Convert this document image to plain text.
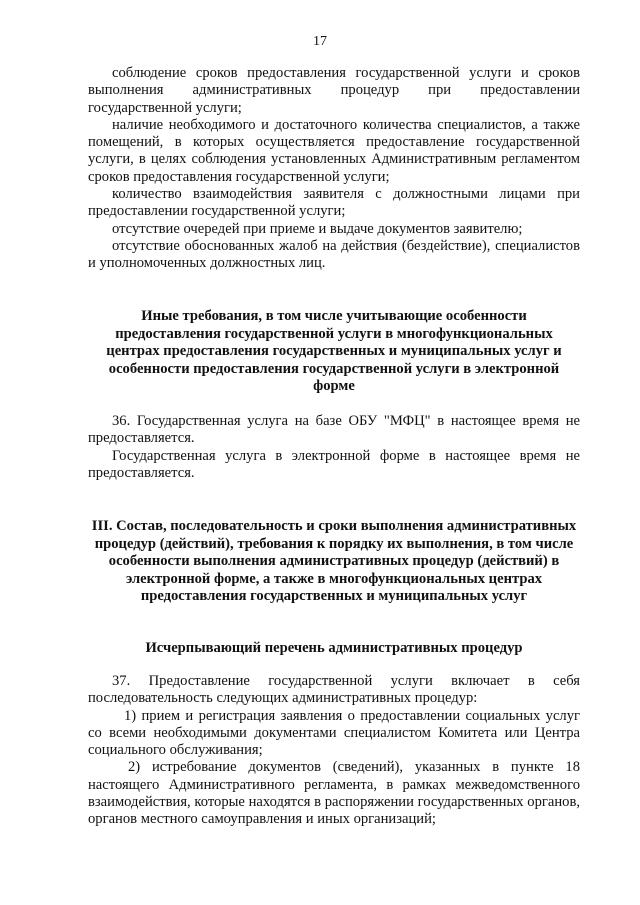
17

соблюдение сроков предоставления государственной услуги и сроков выполнения административных процедур при предоставлении государственной услуги;

наличие необходимого и достаточного количества специалистов, а также помещений, в которых осуществляется предоставление государственной услуги, в целях соблюдения установленных Административным регламентом сроков предоставления государственной услуги;

количество взаимодействия заявителя с должностными лицами при предоставлении государственной услуги;

отсутствие очередей при приеме и выдаче документов заявителю;

отсутствие обоснованных жалоб на действия (бездействие), специалистов и уполномоченных должностных лиц.

Иные требования, в том числе учитывающие особенности предоставления государственной услуги в многофункциональных центрах предоставления государственных и муниципальных услуг и особенности предоставления государственной услуги в электронной форме

36. Государственная услуга на базе ОБУ "МФЦ" в настоящее время не предоставляется.

Государственная услуга в электронной форме в настоящее время не предоставляется.

III. Состав, последовательность и сроки выполнения административных процедур (действий), требования к порядку их выполнения, в том числе особенности выполнения административных процедур (действий) в электронной форме, а также в многофункциональных центрах предоставления государственных и муниципальных услуг

Исчерпывающий перечень административных процедур

37. Предоставление государственной услуги включает в себя последовательность следующих административных процедур:

1) прием и регистрация заявления о предоставлении социальных услуг со всеми необходимыми документами специалистом Комитета или Центра социального обслуживания;

2) истребование документов (сведений), указанных в пункте 18 настоящего Административного регламента, в рамках межведомственного взаимодействия, которые находятся в распоряжении государственных органов, органов местного самоуправления и иных организаций;
